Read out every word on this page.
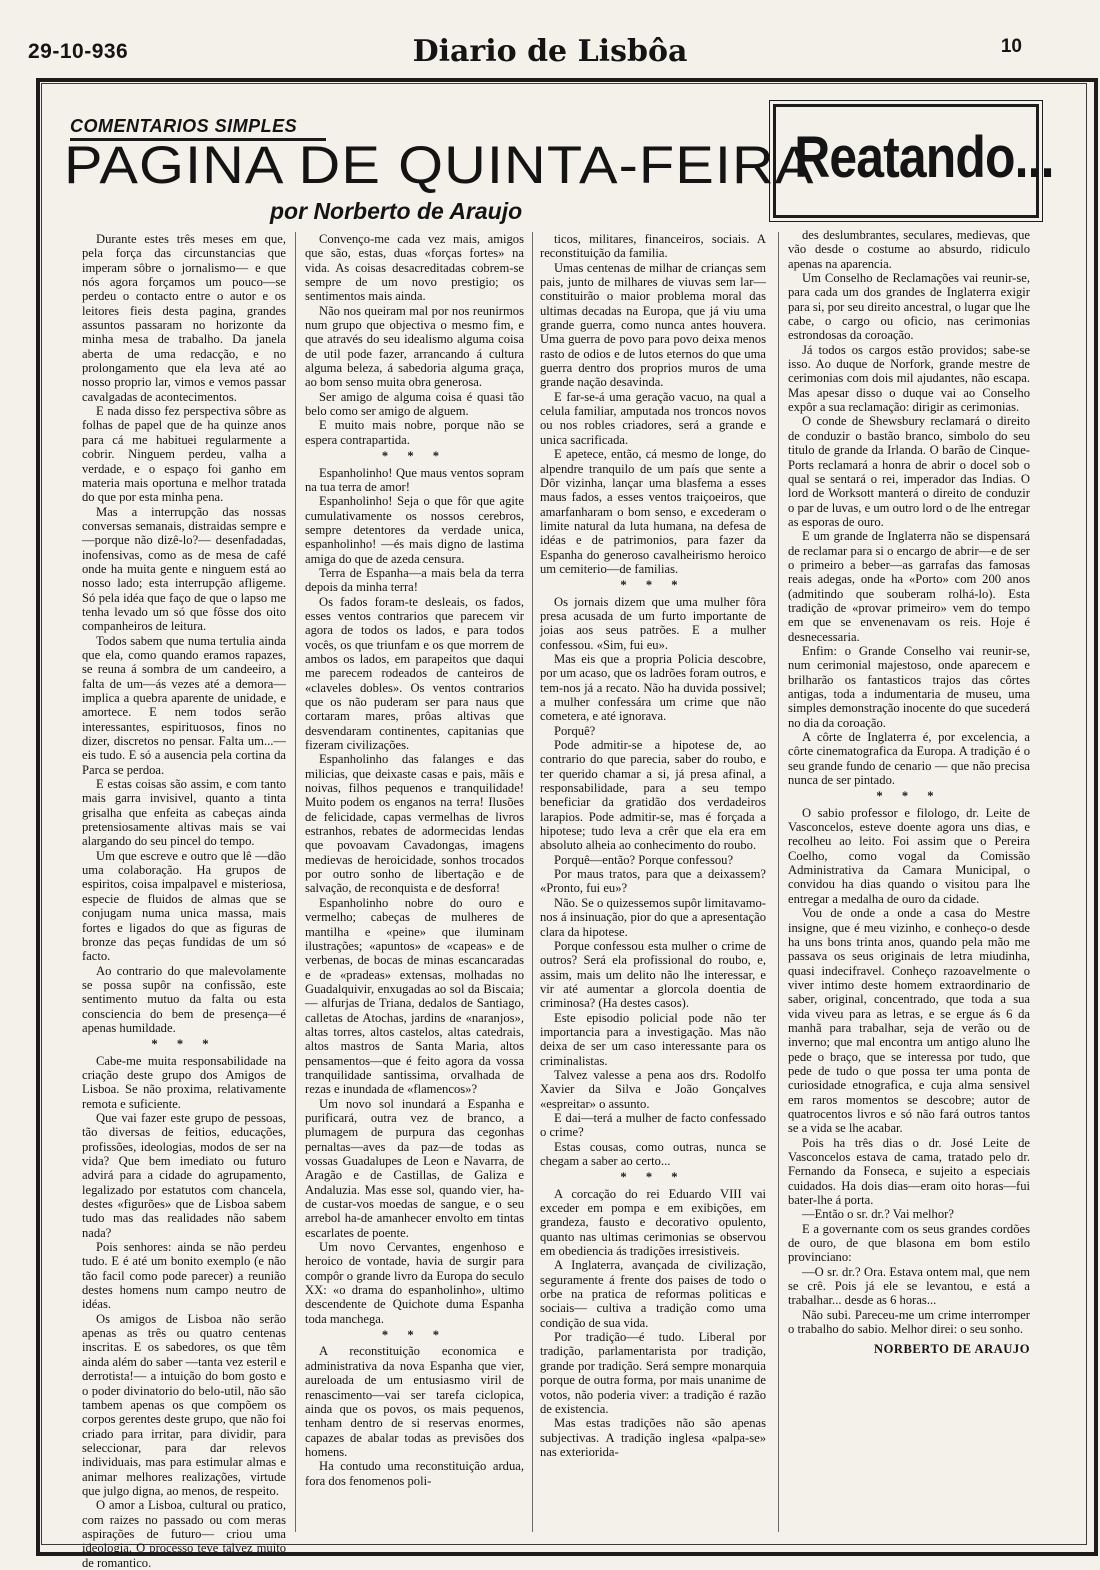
29-10-936	Diario de Lisbôa	10
COMENTARIOS SIMPLES
PAGINA DE QUINTA-FEIRA
por Norberto de Araujo
Reatando...

Durante estes três meses em que, pela força das circunstancias que imperam sôbre o jornalismo— e que nós agora forçamos um pouco—se perdeu o contacto entre o autor e os leitores fieis desta pagina, grandes assuntos passaram no horizonte da minha mesa de trabalho. Da janela aberta de uma redacção, e no prolongamento que ela leva até ao nosso proprio lar, vimos e vemos passar cavalgadas de acontecimentos.

E nada disso fez perspectiva sôbre as folhas de papel que de ha quinze anos para cá me habituei regularmente a cobrir. Ninguem perdeu, valha a verdade, e o espaço foi ganho em materia mais oportuna e melhor tratada do que por esta minha pena.

Mas a interrupção das nossas conversas semanais, distraidas sempre e—porque não dizê-lo?— desenfadadas, inofensivas, como as de mesa de café onde ha muita gente e ninguem está ao nosso lado; esta interrupção afligeme. Só pela idéa que faço de que o lapso me tenha levado um só que fôsse dos oito companheiros de leitura.

Todos sabem que numa tertulia ainda que ela, como quando eramos rapazes, se reuna á sombra de um candeeiro, a falta de um—ás vezes até a demora—implica a quebra aparente de unidade, e amortece. E nem todos serão interessantes, espirituosos, finos no dizer, discretos no pensar. Falta um...—eis tudo. E só a ausencia pela cortina da Parca se perdoa.

E estas coisas são assim, e com tanto mais garra invisivel, quanto a tinta grisalha que enfeita as cabeças ainda pretensiosamente altivas mais se vai alargando do seu pincel do tempo.

Um que escreve e outro que lê —dão uma colaboração. Ha grupos de espiritos, coisa impalpavel e misteriosa, especie de fluidos de almas que se conjugam numa unica massa, mais fortes e ligados do que as figuras de bronze das peças fundidas de um só facto.

Ao contrario do que malevolamente se possa supôr na confissão, este sentimento mutuo da falta ou esta consciencia do bem de presença—é apenas humildade.

* * *

Cabe-me muita responsabilidade na criação deste grupo dos Amigos de Lisboa. Se não proxima, relativamente remota e suficiente.

Que vai fazer este grupo de pessoas, tão diversas de feitios, educações, profissões, ideologias, modos de ser na vida? Que bem imediato ou futuro advirá para a cidade do agrupamento, legalizado por estatutos com chancela, destes «figurões» que de Lisboa sabem tudo mas das realidades não sabem nada?

Pois senhores: ainda se não perdeu tudo. E é até um bonito exemplo (e não tão facil como pode parecer) a reunião destes homens num campo neutro de idéas.

Os amigos de Lisboa não serão apenas as três ou quatro centenas inscritas. E os sabedores, os que têm ainda além do saber —tanta vez esteril e derrotista!— a intuição do bom gosto e o poder divinatorio do belo-util, não são tambem apenas os que compõem os corpos gerentes deste grupo, que não foi criado para irritar, para dividir, para seleccionar, para dar relevos individuais, mas para estimular almas e animar melhores realizações, virtude que julgo digna, ao menos, de respeito.

O amor a Lisboa, cultural ou pratico, com raizes no passado ou com meras aspirações de futuro— criou uma ideologia. O processo teve talvez muito de romantico.

Convenço-me cada vez mais, amigos que são, estas, duas «forças fortes» na vida. As coisas desacreditadas cobrem-se sempre de um novo prestigio; os sentimentos mais ainda.

Não nos queiram mal por nos reunirmos num grupo que objectiva o mesmo fim, e que através do seu idealismo alguma coisa de util pode fazer, arrancando á cultura alguma beleza, á sabedoria alguma graça, ao bom senso muita obra generosa.

Ser amigo de alguma coisa é quasi tão belo como ser amigo de alguem.

E muito mais nobre, porque não se espera contrapartida.

* * *

Espanholinho! Que maus ventos sopram na tua terra de amor!

Espanholinho! Seja o que fôr que agite cumulativamente os nossos cerebros, sempre detentores da verdade unica, espanholinho! —és mais digno de lastima amiga do que de azeda censura.

Terra de Espanha—a mais bela da terra depois da minha terra!

Os fados foram-te desleais, os fados, esses ventos contrarios que parecem vir agora de todos os lados, e para todos vocês, os que triunfam e os que morrem de ambos os lados, em parapeitos que daqui me parecem rodeados de canteiros de «claveles dobles». Os ventos contrarios que os não puderam ser para naus que cortaram mares, prôas altivas que desvendaram continentes, capitanias que fizeram civilizações.

Espanholinho das falanges e das milicias, que deixaste casas e pais, mãis e noivas, filhos pequenos e tranquilidade! Muito podem os enganos na terra! Ilusões de felicidade, capas vermelhas de livros estranhos, rebates de adormecidas lendas que povoavam Cavadongas, imagens medievas de heroicidade, sonhos trocados por outro sonho de libertação e de salvação, de reconquista e de desforra!

Espanholinho nobre do ouro e vermelho; cabeças de mulheres de mantilha e «peine» que iluminam ilustrações; «apuntos» de «capeas» e de verbenas, de bocas de minas escancaradas e de «pradeas» extensas, molhadas no Guadalquivir, enxugadas ao sol da Biscaia;— alfurjas de Triana, dedalos de Santiago, calletas de Atochas, jardins de «naranjos», altas torres, altos castelos, altas catedrais, altos mastros de Santa Maria, altos pensamentos—que é feito agora da vossa tranquilidade santissima, orvalhada de rezas e inundada de «flamencos»?

Um novo sol inundará a Espanha e purificará, outra vez de branco, a plumagem de purpura das cegonhas pernaltas—aves da paz—de todas as vossas Guadalupes de Leon e Navarra, de Aragão e de Castillas, de Galiza e Andaluzia. Mas esse sol, quando vier, ha-de custar-vos moedas de sangue, e o seu arrebol ha-de amanhecer envolto em tintas escarlates de poente.

Um novo Cervantes, engenhoso e heroico de vontade, havia de surgir para compôr o grande livro da Europa do seculo XX: «o drama do espanholinho», ultimo descendente de Quichote duma Espanha toda manchega.

* * *

A reconstituição economica e administrativa da nova Espanha que vier, aureloada de um entusiasmo viril de renascimento—vai ser tarefa ciclopica, ainda que os povos, os mais pequenos, tenham dentro de si reservas enormes, capazes de abalar todas as previsões dos homens.

Ha contudo uma reconstituição ardua, fora dos fenomenos poli-

ticos, militares, financeiros, sociais. A reconstituição da familia.

Umas centenas de milhar de crianças sem pais, junto de milhares de viuvas sem lar—constituirão o maior problema moral das ultimas decadas na Europa, que já viu uma grande guerra, como nunca antes houvera. Uma guerra de povo para povo deixa menos rasto de odios e de lutos eternos do que uma guerra dentro dos proprios muros de uma grande nação desavinda.

E far-se-á uma geração vacuo, na qual a celula familiar, amputada nos troncos novos ou nos robles criadores, será a grande e unica sacrificada.

E apetece, então, cá mesmo de longe, do alpendre tranquilo de um país que sente a Dôr vizinha, lançar uma blasfema a esses maus fados, a esses ventos traiçoeiros, que amarfanharam o bom senso, e excederam o limite natural da luta humana, na defesa de idéas e de patrimonios, para fazer da Espanha do generoso cavalheirismo heroico um cemiterio—de familias.

* * *

Os jornais dizem que uma mulher fôra presa acusada de um furto importante de joias aos seus patrões. E a mulher confessou. «Sim, fui eu».

Mas eis que a propria Policia descobre, por um acaso, que os ladrões foram outros, e tem-nos já a recato. Não ha duvida possivel; a mulher confessára um crime que não cometera, e até ignorava.

Porquê?

Pode admitir-se a hipotese de, ao contrario do que parecia, saber do roubo, e ter querido chamar a si, já presa afinal, a responsabilidade, para a seu tempo beneficiar da gratidão dos verdadeiros larapios. Pode admitir-se, mas é forçada a hipotese; tudo leva a crêr que ela era em absoluto alheia ao conhecimento do roubo.

Porquê—então? Porque confessou?

Por maus tratos, para que a deixassem? «Pronto, fui eu»?

Não. Se o quizessemos supôr limitavamo-nos á insinuação, pior do que a apresentação clara da hipotese.

Porque confessou esta mulher o crime de outros? Será ela profissional do roubo, e, assim, mais um delito não lhe interessar, e vir até aumentar a glorcola doentia de criminosa? (Ha destes casos).

Este episodio policial pode não ter importancia para a investigação. Mas não deixa de ser um caso interessante para os criminalistas.

Talvez valesse a pena aos drs. Rodolfo Xavier da Silva e João Gonçalves «espreitar» o assunto.

E dai—terá a mulher de facto confessado o crime?

Estas cousas, como outras, nunca se chegam a saber ao certo...

* * *

A corcação do rei Eduardo VIII vai exceder em pompa e em exibições, em grandeza, fausto e decorativo opulento, quanto nas ultimas cerimonias se observou em obediencia ás tradições irresistiveis.

A Inglaterra, avançada de civilização, seguramente á frente dos paises de todo o orbe na pratica de reformas politicas e sociais— cultiva a tradição como uma condição de sua vida.

Por tradição—é tudo. Liberal por tradição, parlamentarista por tradição, grande por tradição. Será sempre monarquia porque de outra forma, por mais unanime de votos, não poderia viver: a tradição é razão de existencia.

Mas estas tradições não são apenas subjectivas. A tradição inglesa «palpa-se» nas exteriorida-

des deslumbrantes, seculares, medievas, que vão desde o costume ao absurdo, ridiculo apenas na aparencia.

Um Conselho de Reclamações vai reunir-se, para cada um dos grandes de Inglaterra exigir para si, por seu direito ancestral, o lugar que lhe cabe, o cargo ou oficio, nas cerimonias estrondosas da coroação.

Já todos os cargos estão providos; sabe-se isso. Ao duque de Norfork, grande mestre de cerimonias com dois mil ajudantes, não escapa. Mas apesar disso o duque vai ao Conselho expôr a sua reclamação: dirigir as cerimonias.

O conde de Shewsbury reclamará o direito de conduzir o bastão branco, simbolo do seu titulo de grande da Irlanda. O barão de Cinque-Ports reclamará a honra de abrir o docel sob o qual se sentará o rei, imperador das Indias. O lord de Worksott manterá o direito de conduzir o par de luvas, e um outro lord o de lhe entregar as esporas de ouro.

E um grande de Inglaterra não se dispensará de reclamar para si o encargo de abrir—e de ser o primeiro a beber—as garrafas das famosas reais adegas, onde ha «Porto» com 200 anos (admitindo que souberam rolhá-lo). Esta tradição de «provar primeiro» vem do tempo em que se envenenavam os reis. Hoje é desnecessaria.

Enfim: o Grande Conselho vai reunir-se, num cerimonial majestoso, onde aparecem e brilharão os fantasticos trajos das côrtes antigas, toda a indumentaria de museu, uma simples demonstração inocente do que sucederá no dia da coroação.

A côrte de Inglaterra é, por excelencia, a côrte cinematografica da Europa. A tradição é o seu grande fundo de cenario — que não precisa nunca de ser pintado.

* * *

O sabio professor e filologo, dr. Leite de Vasconcelos, esteve doente agora uns dias, e recolheu ao leito. Foi assim que o Pereira Coelho, como vogal da Comissão Administrativa da Camara Municipal, o convidou ha dias quando o visitou para lhe entregar a medalha de ouro da cidade.

Vou de onde a onde a casa do Mestre insigne, que é meu vizinho, e conheço-o desde ha uns bons trinta anos, quando pela mão me passava os seus originais de letra miudinha, quasi indecifravel. Conheço razoavelmente o viver intimo deste homem extraordinario de saber, original, concentrado, que toda a sua vida viveu para as letras, e se ergue ás 6 da manhã para trabalhar, seja de verão ou de inverno; que mal encontra um antigo aluno lhe pede o braço, que se interessa por tudo, que pede de tudo o que possa ter uma ponta de curiosidade etnografica, e cuja alma sensivel em raros momentos se descobre; autor de quatrocentos livros e só não fará outros tantos se a vida se lhe acabar.

Pois ha três dias o dr. José Leite de Vasconcelos estava de cama, tratado pelo dr. Fernando da Fonseca, e sujeito a especiais cuidados. Ha dois dias—eram oito horas—fui bater-lhe á porta.

—Então o sr. dr.? Vai melhor?

E a governante com os seus grandes cordões de ouro, de que blasona em bom estilo provinciano:

—O sr. dr.? Ora. Estava ontem mal, que nem se crê. Pois já ele se levantou, e está a trabalhar... desde as 6 horas...

Não subi. Pareceu-me um crime interromper o trabalho do sabio. Melhor direi: o seu sonho.

NORBERTO DE ARAUJO
